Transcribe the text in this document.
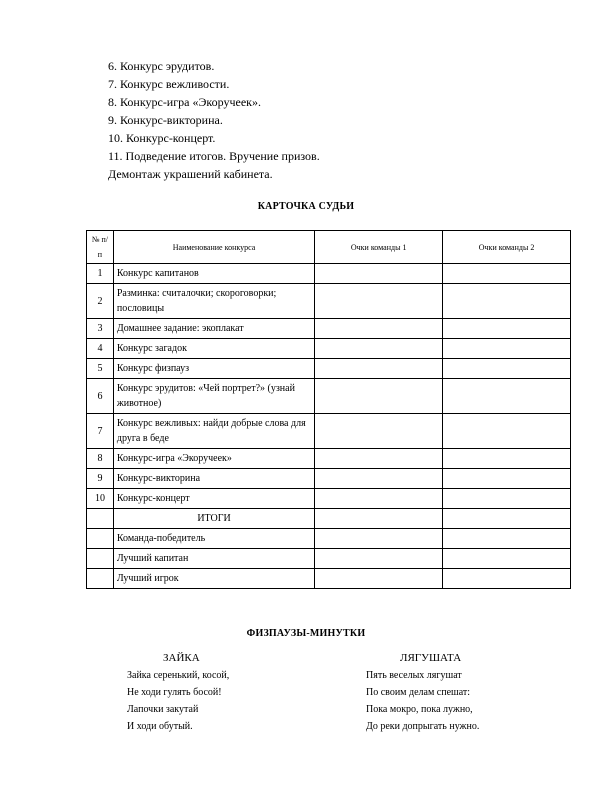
6. Конкурс эрудитов.
7. Конкурс вежливости.
8. Конкурс-игра «Экоручеек».
9. Конкурс-викторина.
10. Конкурс-концерт.
11. Подведение итогов. Вручение призов.
Демонтаж украшений кабинета.
КАРТОЧКА СУДЬИ
№ п/п	Наименование конкурса	Очки команды 1	Очки команды 2
1	Конкурс капитанов		
2	Разминка: считалочки; скороговорки; пословицы		
3	Домашнее задание: экоплакат		
4	Конкурс загадок		
5	Конкурс физпауз		
6	Конкурс эрудитов: «Чей портрет?» (узнай животное)		
7	Конкурс вежливых: найди добрые слова для друга в беде		
8	Конкурс-игра «Экоручеек»		
9	Конкурс-викторина		
10	Конкурс-концерт		
	ИТОГИ		
	Команда-победитель		
	Лучший капитан		
	Лучший игрок		
ФИЗПАУЗЫ-МИНУТКИ
ЗАЙКА
Зайка серенький, косой,
Не ходи гулять босой!
Лапочки закутай
И ходи обутый.
ЛЯГУШАТА
Пять веселых лягушат
По своим делам спешат:
Пока мокро, пока лужно,
До реки допрыгать нужно.
